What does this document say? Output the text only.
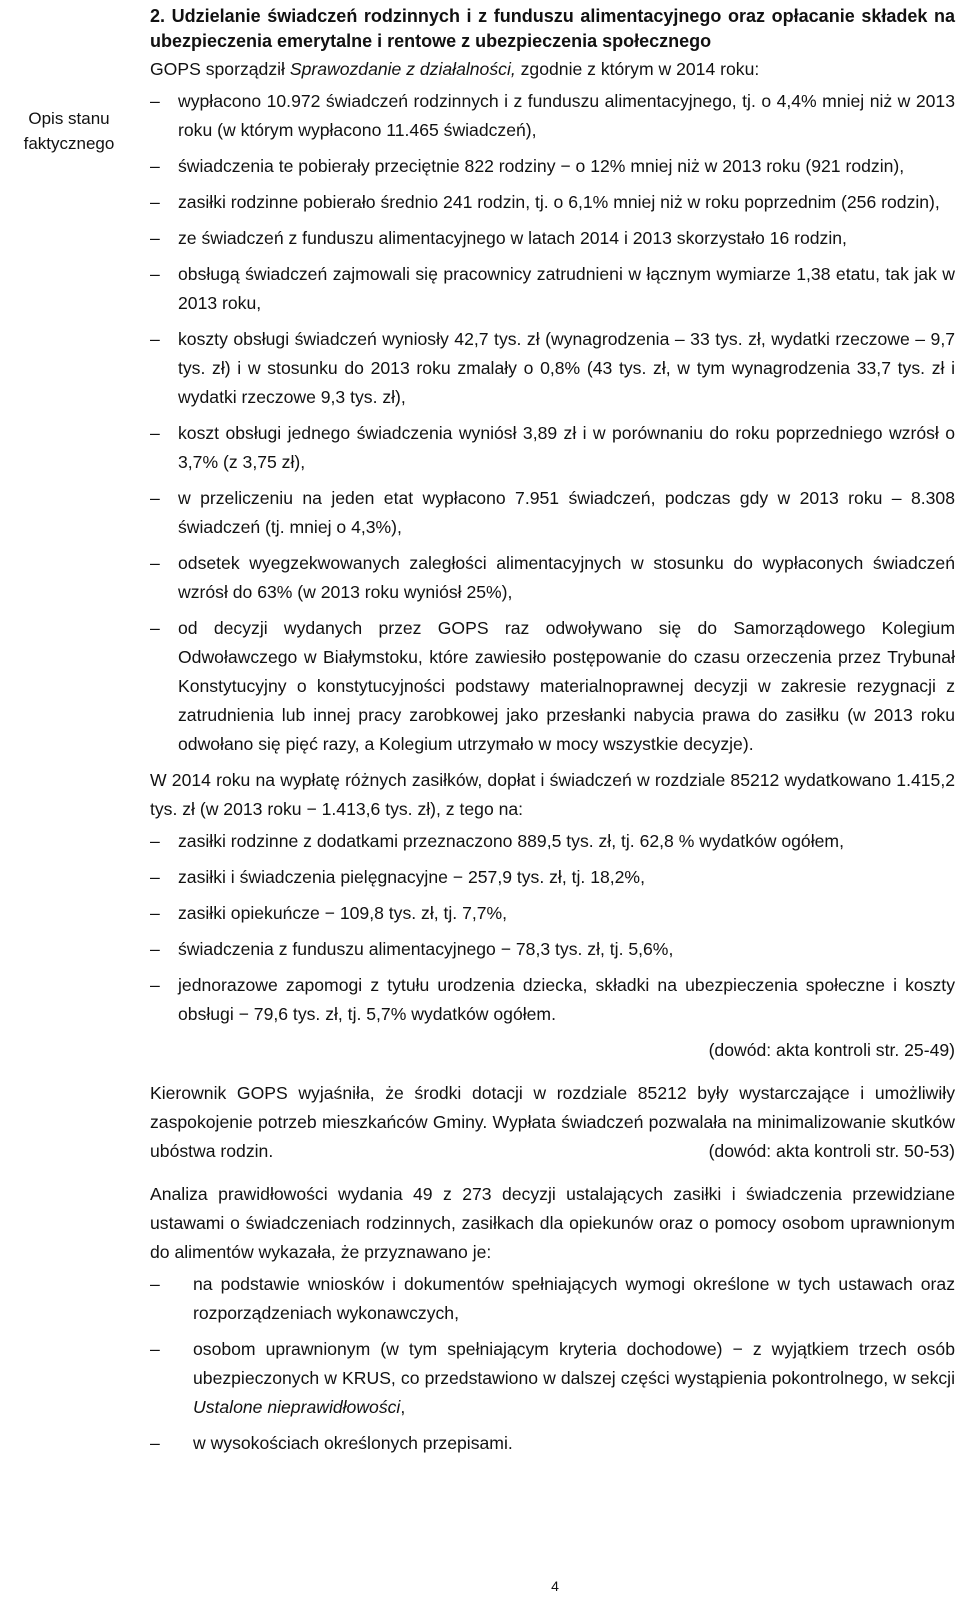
Opis stanu
faktycznego
2. Udzielanie świadczeń rodzinnych i z funduszu alimentacyjnego oraz opłacanie składek na ubezpieczenia emerytalne i rentowe z ubezpieczenia społecznego

GOPS sporządził Sprawozdanie z działalności, zgodnie z którym w 2014 roku:

– wypłacono 10.972 świadczeń rodzinnych i z funduszu alimentacyjnego, tj. o 4,4% mniej niż w 2013 roku (w którym wypłacono 11.465 świadczeń),
– świadczenia te pobierały przeciętnie 822 rodziny − o 12% mniej niż w 2013 roku (921 rodzin),
– zasiłki rodzinne pobierało średnio 241 rodzin, tj. o 6,1% mniej niż w roku poprzednim (256 rodzin),
– ze świadczeń z funduszu alimentacyjnego w latach 2014 i 2013 skorzystało 16 rodzin,
– obsługą świadczeń zajmowali się pracownicy zatrudnieni w łącznym wymiarze 1,38 etatu, tak jak w 2013 roku,
– koszty obsługi świadczeń wyniosły 42,7 tys. zł (wynagrodzenia – 33 tys. zł, wydatki rzeczowe – 9,7 tys. zł) i w stosunku do 2013 roku zmalały o 0,8% (43 tys. zł, w tym wynagrodzenia 33,7 tys. zł i wydatki rzeczowe 9,3 tys. zł),
– koszt obsługi jednego świadczenia wyniósł 3,89 zł i w porównaniu do roku poprzedniego wzrósł o 3,7% (z 3,75 zł),
– w przeliczeniu na jeden etat wypłacono 7.951 świadczeń, podczas gdy w 2013 roku – 8.308 świadczeń (tj. mniej o 4,3%),
– odsetek wyegzekwowanych zaległości alimentacyjnych w stosunku do wypłaconych świadczeń wzrósł do 63% (w 2013 roku wyniósł 25%),
– od decyzji wydanych przez GOPS raz odwoływano się do Samorządowego Kolegium Odwoławczego w Białymstoku, które zawiesiło postępowanie do czasu orzeczenia przez Trybunał Konstytucyjny o konstytucyjności podstawy materialnoprawnej decyzji w zakresie rezygnacji z zatrudnienia lub innej pracy zarobkowej jako przesłanki nabycia prawa do zasiłku (w 2013 roku odwołano się pięć razy, a Kolegium utrzymało w mocy wszystkie decyzje).

W 2014 roku na wypłatę różnych zasiłków, dopłat i świadczeń w rozdziale 85212 wydatkowano 1.415,2 tys. zł (w 2013 roku − 1.413,6 tys. zł), z tego na:

– zasiłki rodzinne z dodatkami przeznaczono 889,5 tys. zł, tj. 62,8 % wydatków ogółem,
– zasiłki i świadczenia pielęgnacyjne − 257,9 tys. zł, tj. 18,2%,
– zasiłki opiekuńcze − 109,8 tys. zł, tj. 7,7%,
– świadczenia z funduszu alimentacyjnego − 78,3 tys. zł, tj. 5,6%,
– jednorazowe zapomogi z tytułu urodzenia dziecka, składki na ubezpieczenia społeczne i koszty obsługi − 79,6 tys. zł, tj. 5,7% wydatków ogółem.

(dowód: akta kontroli str. 25-49)

Kierownik GOPS wyjaśniła, że środki dotacji w rozdziale 85212 były wystarczające i umożliwiły zaspokojenie potrzeb mieszkańców Gminy. Wypłata świadczeń pozwalała na minimalizowanie skutków ubóstwa rodzin.	(dowód: akta kontroli str. 50-53)

Analiza prawidłowości wydania 49 z 273 decyzji ustalających zasiłki i świadczenia przewidziane ustawami o świadczeniach rodzinnych, zasiłkach dla opiekunów oraz o pomocy osobom uprawnionym do alimentów wykazała, że przyznawano je:

– na podstawie wniosków i dokumentów spełniających wymogi określone w tych ustawach oraz rozporządzeniach wykonawczych,
– osobom uprawnionym (w tym spełniającym kryteria dochodowe) − z wyjątkiem trzech osób ubezpieczonych w KRUS, co przedstawiono w dalszej części wystąpienia pokontrolnego, w sekcji Ustalone nieprawidłowości,
– w wysokościach określonych przepisami.
4
